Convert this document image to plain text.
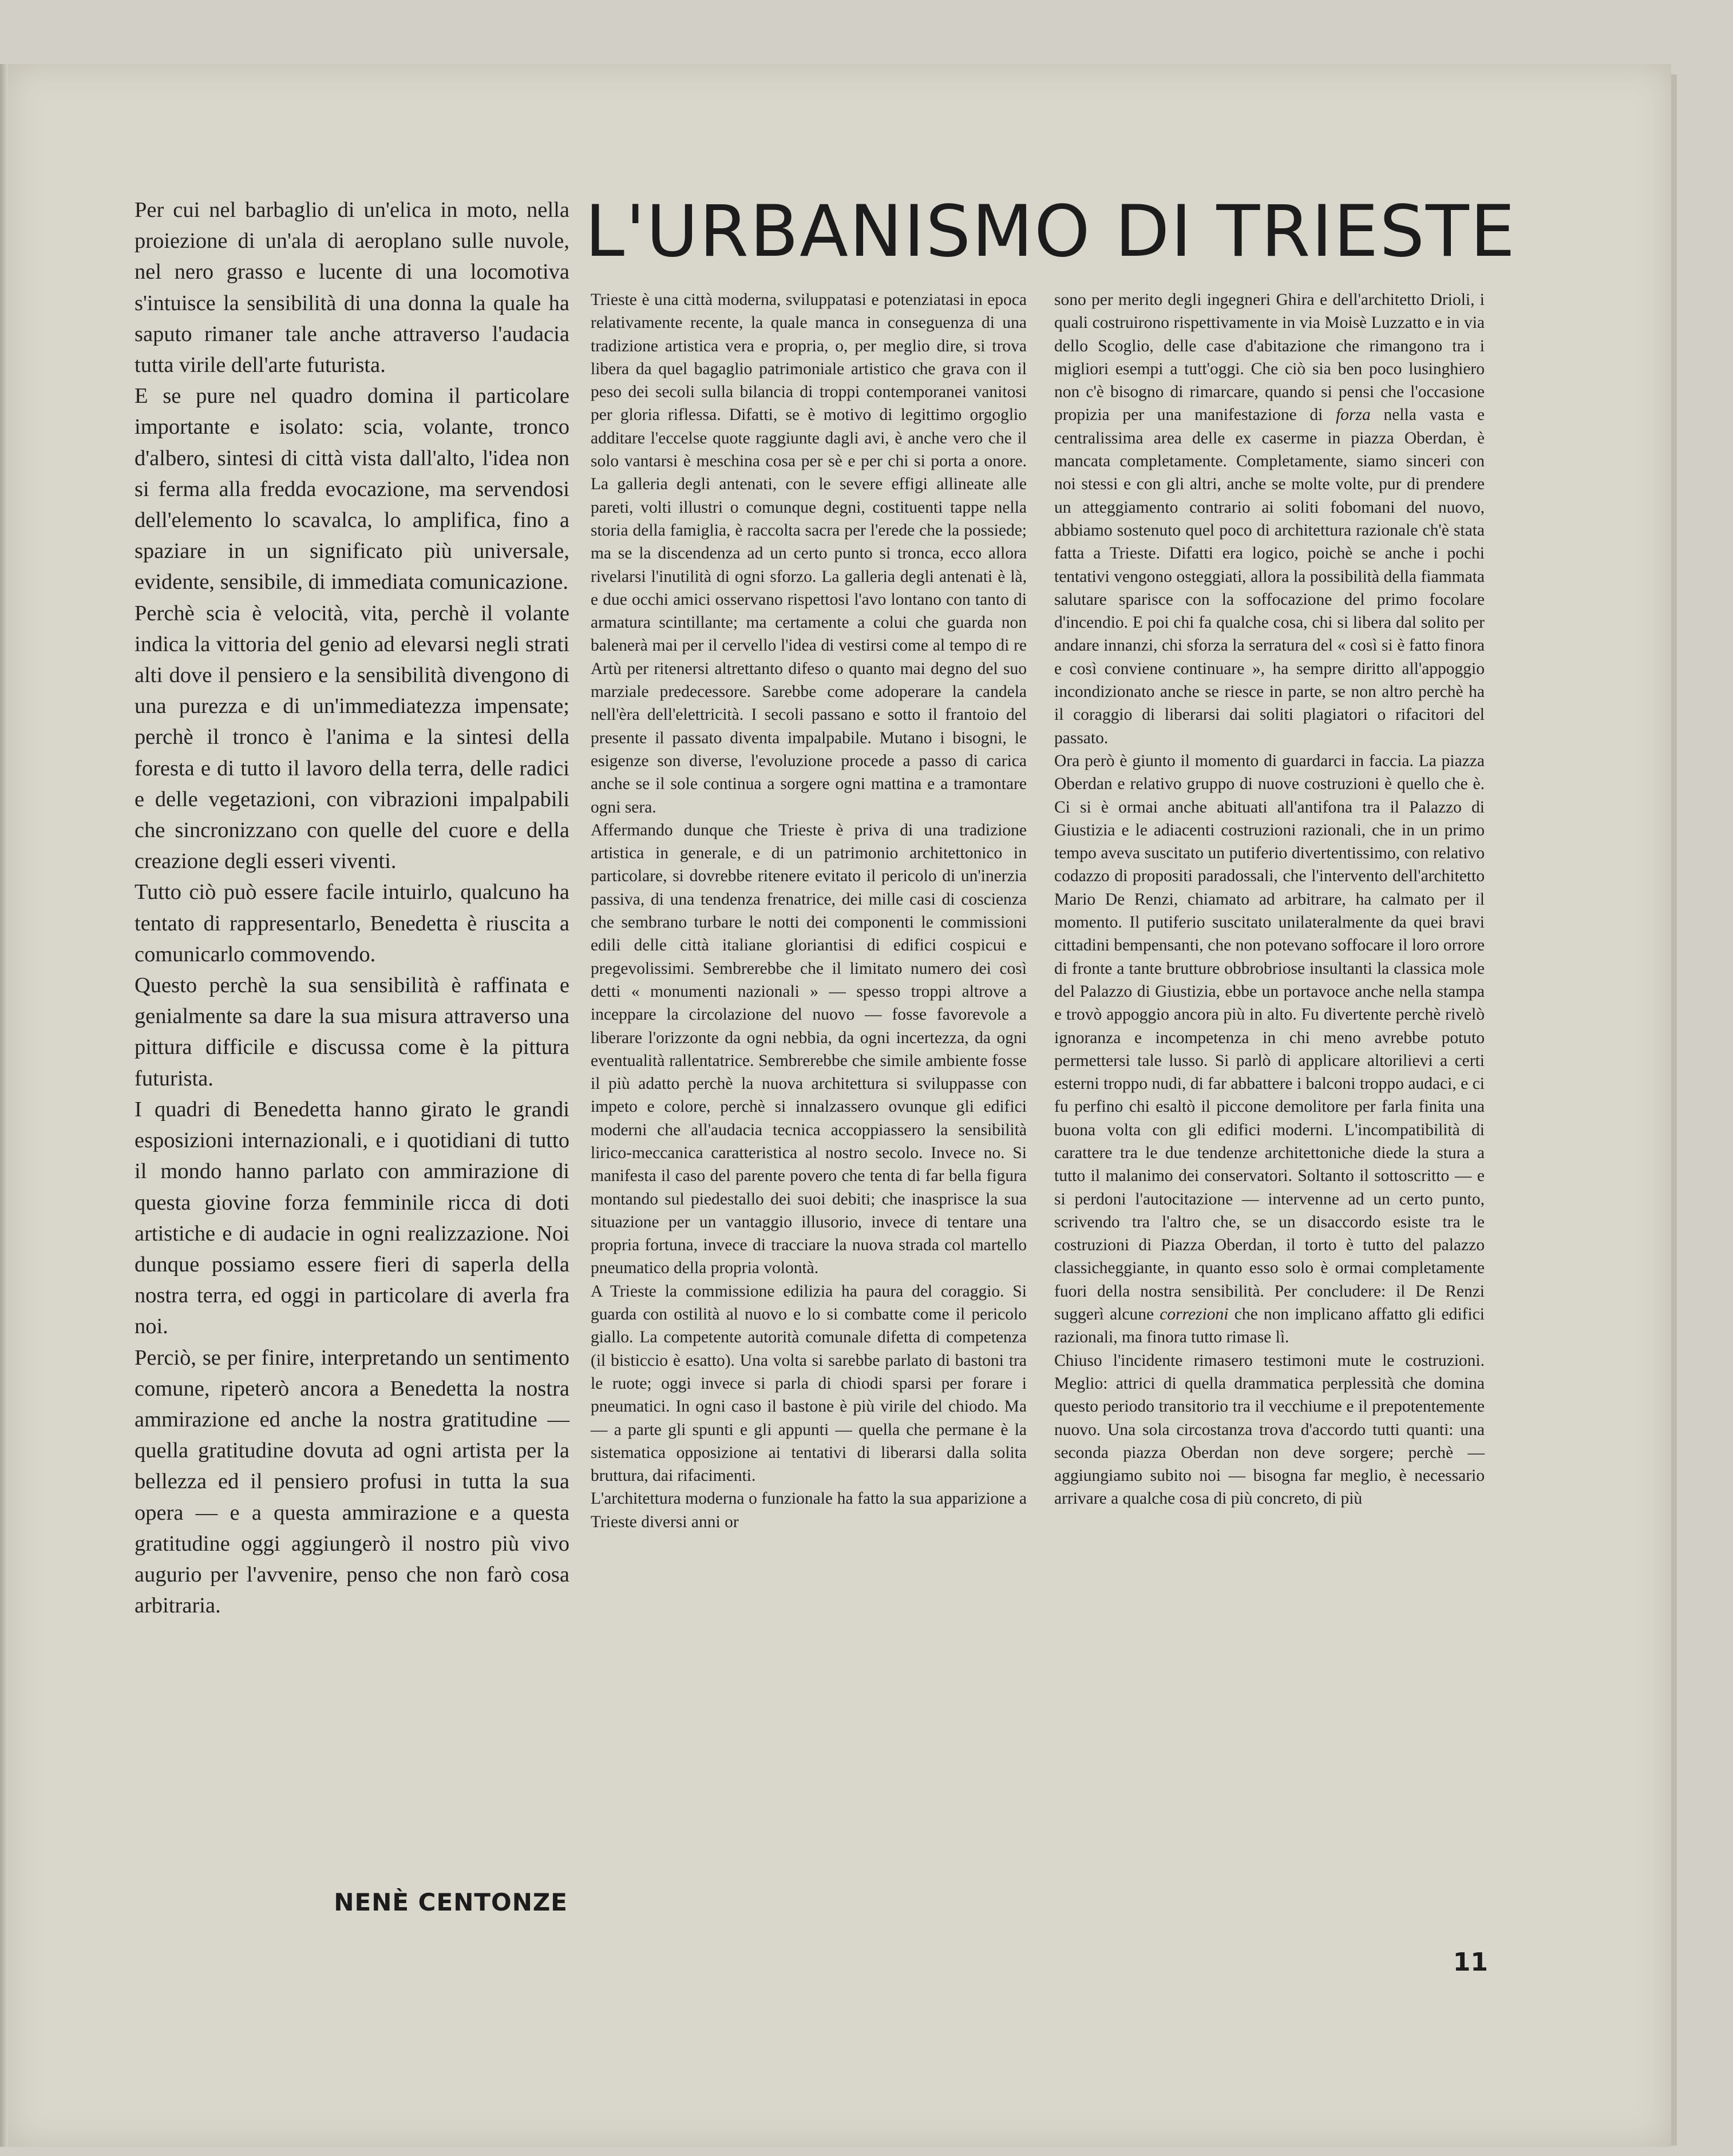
Per cui nel barbaglio di un'elica in moto, nella proiezione di un'ala di aeroplano sulle nuvole, nel nero grasso e lucente di una locomotiva s'intuisce la sensibilità di una donna la quale ha saputo rimaner tale anche attraverso l'audacia tutta virile dell'arte futurista.

E se pure nel quadro domina il particolare importante e isolato: scia, volante, tronco d'albero, sintesi di città vista dall'alto, l'idea non si ferma alla fredda evocazione, ma servendosi dell'elemento lo scavalca, lo amplifica, fino a spaziare in un significato più universale, evidente, sensibile, di immediata comunicazione.

Perchè scia è velocità, vita, perchè il volante indica la vittoria del genio ad elevarsi negli strati alti dove il pensiero e la sensibilità divengono di una purezza e di un'immediatezza impensate; perchè il tronco è l'anima e la sintesi della foresta e di tutto il lavoro della terra, delle radici e delle vegetazioni, con vibrazioni impalpabili che sincronizzano con quelle del cuore e della creazione degli esseri viventi.

Tutto ciò può essere facile intuirlo, qualcuno ha tentato di rappresentarlo, Benedetta è riuscita a comunicarlo commovendo.

Questo perchè la sua sensibilità è raffinata e genialmente sa dare la sua misura attraverso una pittura difficile e discussa come è la pittura futurista.

I quadri di Benedetta hanno girato le grandi esposizioni internazionali, e i quotidiani di tutto il mondo hanno parlato con ammirazione di questa giovine forza femminile ricca di doti artistiche e di audacie in ogni realizzazione. Noi dunque possiamo essere fieri di saperla della nostra terra, ed oggi in particolare di averla fra noi.

Perciò, se per finire, interpretando un sentimento comune, ripeterò ancora a Benedetta la nostra ammirazione ed anche la nostra gratitudine — quella gratitudine dovuta ad ogni artista per la bellezza ed il pensiero profusi in tutta la sua opera — e a questa ammirazione e a questa gratitudine oggi aggiungerò il nostro più vivo augurio per l'avvenire, penso che non farò cosa arbitraria.

NENÈ CENTONZE
L'URBANISMO DI TRIESTE

Trieste è una città moderna, sviluppatasi e potenziatasi in epoca relativamente recente, la quale manca in conseguenza di una tradizione artistica vera e propria, o, per meglio dire, si trova libera da quel bagaglio patrimoniale artistico che grava con il peso dei secoli sulla bilancia di troppi contemporanei vanitosi per gloria riflessa. Difatti, se è motivo di legittimo orgoglio additare l'eccelse quote raggiunte dagli avi, è anche vero che il solo vantarsi è meschina cosa per sè e per chi si porta a onore. La galleria degli antenati, con le severe effigi allineate alle pareti, volti illustri o comunque degni, costituenti tappe nella storia della famiglia, è raccolta sacra per l'erede che la possiede; ma se la discendenza ad un certo punto si tronca, ecco allora rivelarsi l'inutilità di ogni sforzo. La galleria degli antenati è là, e due occhi amici osservano rispettosi l'avo lontano con tanto di armatura scintillante; ma certamente a colui che guarda non balenerà mai per il cervello l'idea di vestirsi come al tempo di re Artù per ritenersi altrettanto difeso o quanto mai degno del suo marziale predecessore. Sarebbe come adoperare la candela nell'èra dell'elettricità. I secoli passano e sotto il frantoio del presente il passato diventa impalpabile. Mutano i bisogni, le esigenze son diverse, l'evoluzione procede a passo di carica anche se il sole continua a sorgere ogni mattina e a tramontare ogni sera.

Affermando dunque che Trieste è priva di una tradizione artistica in generale, e di un patrimonio architettonico in particolare, si dovrebbe ritenere evitato il pericolo di un'inerzia passiva, di una tendenza frenatrice, dei mille casi di coscienza che sembrano turbare le notti dei componenti le commissioni edili delle città italiane gloriantisi di edifici cospicui e pregevolissimi. Sembrerebbe che il limitato numero dei così detti « monumenti nazionali » — spesso troppi altrove a inceppare la circolazione del nuovo — fosse favorevole a liberare l'orizzonte da ogni nebbia, da ogni incertezza, da ogni eventualità rallentatrice. Sembrerebbe che simile ambiente fosse il più adatto perchè la nuova architettura si sviluppasse con impeto e colore, perchè si innalzassero ovunque gli edifici moderni che all'audacia tecnica accoppiassero la sensibilità lirico-meccanica caratteristica al nostro secolo. Invece no. Si manifesta il caso del parente povero che tenta di far bella figura montando sul piedestallo dei suoi debiti; che inasprisce la sua situazione per un vantaggio illusorio, invece di tentare una propria fortuna, invece di tracciare la nuova strada col martello pneumatico della propria volontà.

A Trieste la commissione edilizia ha paura del coraggio. Si guarda con ostilità al nuovo e lo si combatte come il pericolo giallo. La competente autorità comunale difetta di competenza (il bisticcio è esatto). Una volta si sarebbe parlato di bastoni tra le ruote; oggi invece si parla di chiodi sparsi per forare i pneumatici. In ogni caso il bastone è più virile del chiodo. Ma — a parte gli spunti e gli appunti — quella che permane è la sistematica opposizione ai tentativi di liberarsi dalla solita bruttura, dai rifacimenti.

L'architettura moderna o funzionale ha fatto la sua apparizione a Trieste diversi anni or

sono per merito degli ingegneri Ghira e dell'architetto Drioli, i quali costruirono rispettivamente in via Moisè Luzzatto e in via dello Scoglio, delle case d'abitazione che rimangono tra i migliori esempi a tutt'oggi. Che ciò sia ben poco lusinghiero non c'è bisogno di rimarcare, quando si pensi che l'occasione propizia per una manifestazione di forza nella vasta e centralissima area delle ex caserme in piazza Oberdan, è mancata completamente. Completamente, siamo sinceri con noi stessi e con gli altri, anche se molte volte, pur di prendere un atteggiamento contrario ai soliti fobomani del nuovo, abbiamo sostenuto quel poco di architettura razionale ch'è stata fatta a Trieste. Difatti era logico, poichè se anche i pochi tentativi vengono osteggiati, allora la possibilità della fiammata salutare sparisce con la soffocazione del primo focolare d'incendio. E poi chi fa qualche cosa, chi si libera dal solito per andare innanzi, chi sforza la serratura del « così si è fatto finora e così conviene continuare », ha sempre diritto all'appoggio incondizionato anche se riesce in parte, se non altro perchè ha il coraggio di liberarsi dai soliti plagiatori o rifacitori del passato.

Ora però è giunto il momento di guardarci in faccia. La piazza Oberdan e relativo gruppo di nuove costruzioni è quello che è. Ci si è ormai anche abituati all'antifona tra il Palazzo di Giustizia e le adiacenti costruzioni razionali, che in un primo tempo aveva suscitato un putiferio divertentissimo, con relativo codazzo di propositi paradossali, che l'intervento dell'architetto Mario De Renzi, chiamato ad arbitrare, ha calmato per il momento. Il putiferio suscitato unilateralmente da quei bravi cittadini bempensanti, che non potevano soffocare il loro orrore di fronte a tante brutture obbrobriose insultanti la classica mole del Palazzo di Giustizia, ebbe un portavoce anche nella stampa e trovò appoggio ancora più in alto. Fu divertente perchè rivelò ignoranza e incompetenza in chi meno avrebbe potuto permettersi tale lusso. Si parlò di applicare altorilievi a certi esterni troppo nudi, di far abbattere i balconi troppo audaci, e ci fu perfino chi esaltò il piccone demolitore per farla finita una buona volta con gli edifici moderni. L'incompatibilità di carattere tra le due tendenze architettoniche diede la stura a tutto il malanimo dei conservatori. Soltanto il sottoscritto — e si perdoni l'autocitazione — intervenne ad un certo punto, scrivendo tra l'altro che, se un disaccordo esiste tra le costruzioni di Piazza Oberdan, il torto è tutto del palazzo classicheggiante, in quanto esso solo è ormai completamente fuori della nostra sensibilità. Per concludere: il De Renzi suggerì alcune correzioni che non implicano affatto gli edifici razionali, ma finora tutto rimase lì.

Chiuso l'incidente rimasero testimoni mute le costruzioni. Meglio: attrici di quella drammatica perplessità che domina questo periodo transitorio tra il vecchiume e il prepotentemente nuovo. Una sola circostanza trova d'accordo tutti quanti: una seconda piazza Oberdan non deve sorgere; perchè — aggiungiamo subito noi — bisogna far meglio, è necessario arrivare a qualche cosa di più concreto, di più

11
